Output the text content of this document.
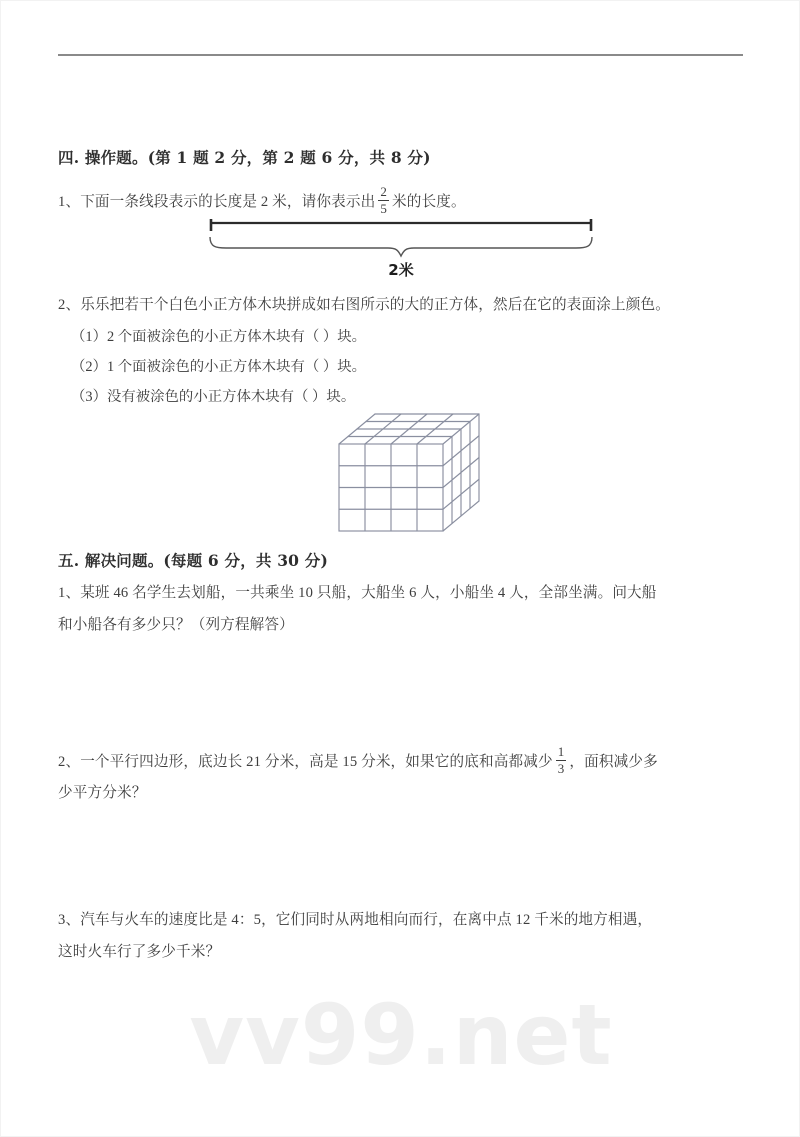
vv99.net
四. 操作题。(第 1 题 2 分，第 2 题 6 分，共 8 分)
1、下面一条线段表示的长度是 2 米，请你表示出 $\frac{2}{5}$ 米的长度。
2米
2、乐乐把若干个白色小正方体木块拼成如右图所示的大的正方体，然后在它的表面涂上颜色。
（1）2 个面被涂色的小正方体木块有（ ）块。
（2）1 个面被涂色的小正方体木块有（ ）块。
（3）没有被涂色的小正方体木块有（ ）块。
五. 解决问题。(每题 6 分，共 30 分)
1、某班 46 名学生去划船，一共乘坐 10 只船，大船坐 6 人，小船坐 4 人，全部坐满。问大船
和小船各有多少只？（列方程解答）
2、一个平行四边形，底边长 21 分米，高是 15 分米，如果它的底和高都减少 $\frac{1}{3}$ ，面积减少多
少平方分米？
3、汽车与火车的速度比是 4：5，它们同时从两地相向而行，在离中点 12 千米的地方相遇，
这时火车行了多少千米？
